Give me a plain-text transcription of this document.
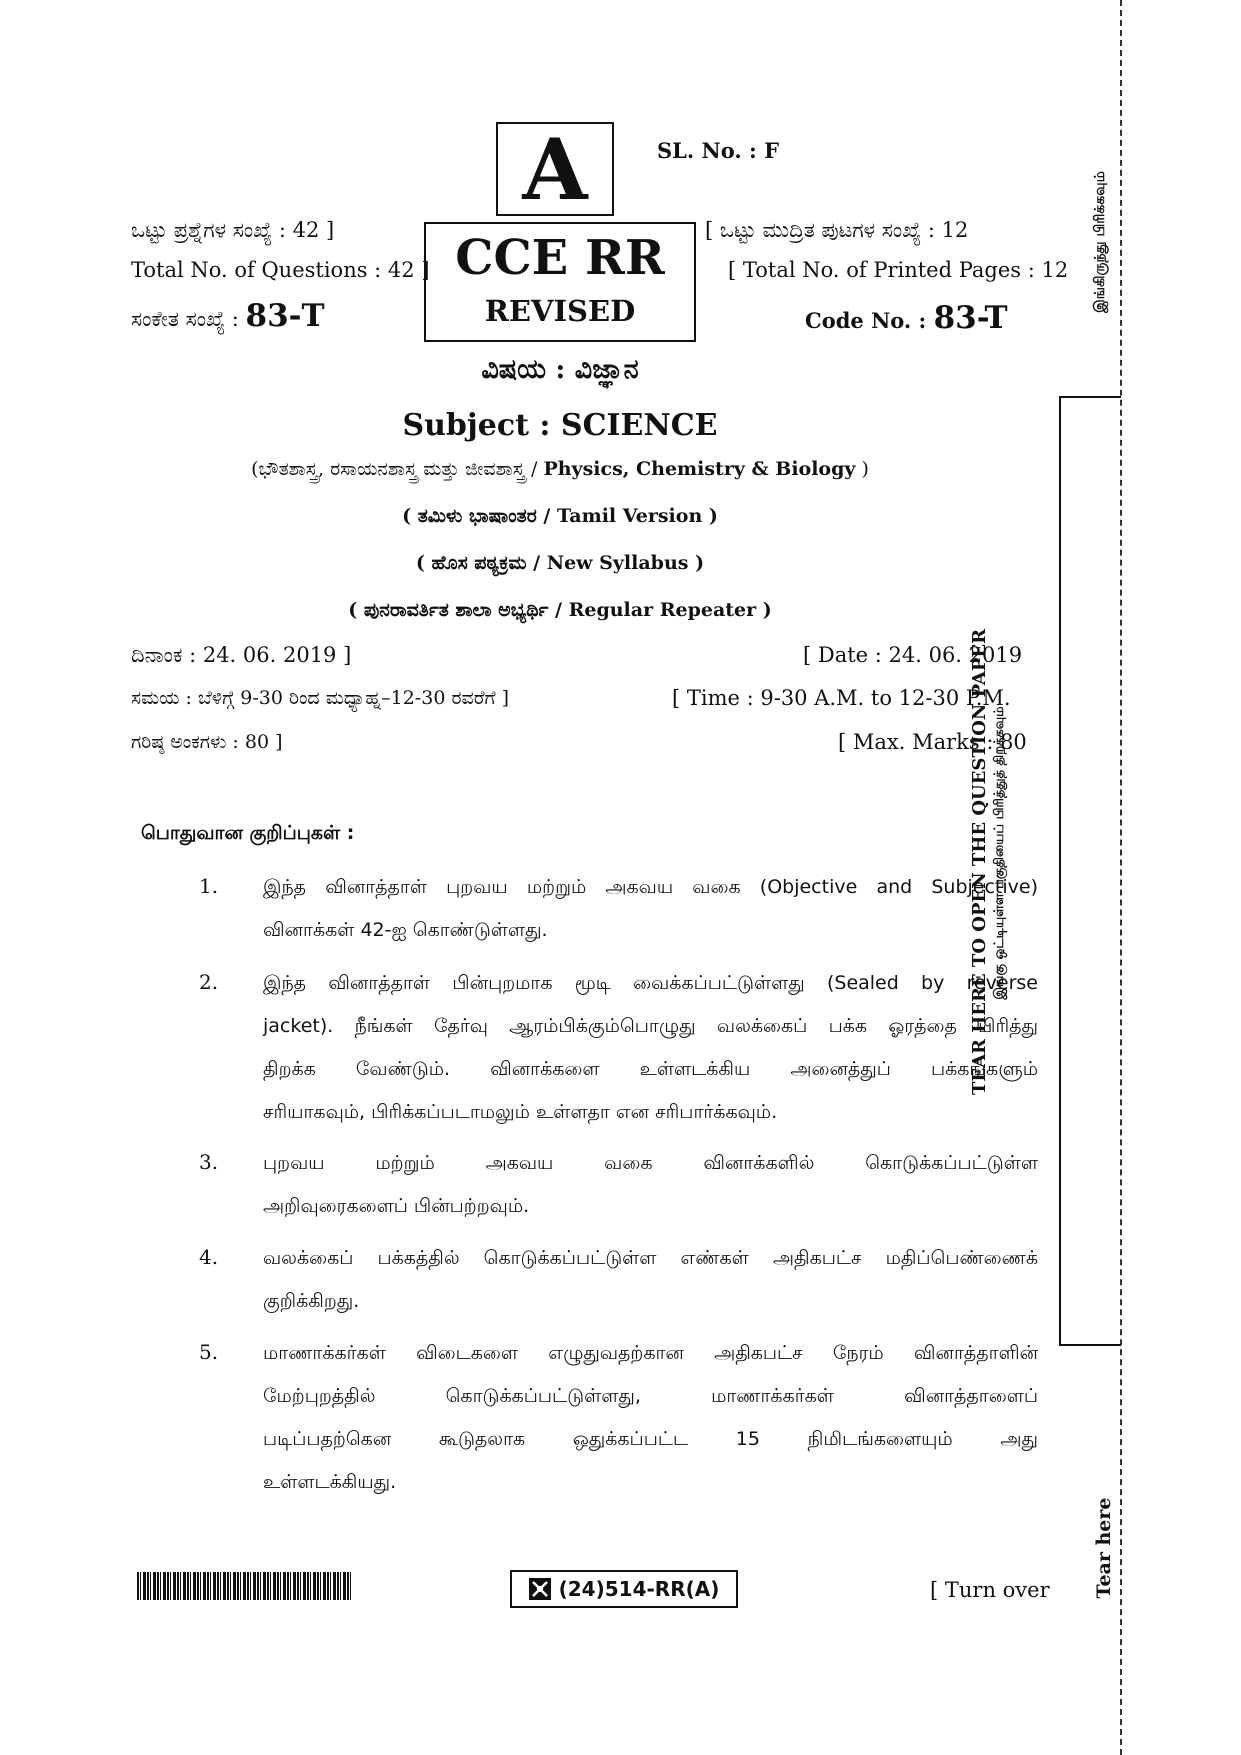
A	SL. No. : F
CCE RR
REVISED
ಒಟ್ಟು ಪ್ರಶ್ನೆಗಳ ಸಂಖ್ಯೆ : 42 ]
Total No. of Questions : 42 ]
ಸಂಕೇತ ಸಂಖ್ಯೆ : 83-T
[ ಒಟ್ಟು ಮುದ್ರಿತ ಪುಟಗಳ ಸಂಖ್ಯೆ : 12
[ Total No. of Printed Pages : 12
Code No. : 83-T
ವಿಷಯ : ವಿಜ್ಞಾನ
Subject : SCIENCE
(ಭೌತಶಾಸ್ತ್ರ, ರಸಾಯನಶಾಸ್ತ್ರ ಮತ್ತು ಜೀವಶಾಸ್ತ್ರ / Physics, Chemistry & Biology )
( ತಮಿಳು ಭಾಷಾಂತರ / Tamil Version )
( ಹೊಸ ಪಠ್ಯಕ್ರಮ / New Syllabus )
( ಪುನರಾವರ್ತಿತ ಶಾಲಾ ಅಭ್ಯರ್ಥಿ / Regular Repeater )
ದಿನಾಂಕ : 24. 06. 2019 ]	[ Date : 24. 06. 2019
ಸಮಯ : ಬೆಳಿಗ್ಗೆ 9-30 ರಿಂದ ಮಧ್ಯಾಹ್ನ–12-30 ರವರೆಗೆ ]	[ Time : 9-30 A.M. to 12-30 P.M.
ಗರಿಷ್ಠ ಅಂಕಗಳು : 80 ]	[ Max. Marks : 80
பொதுவான குறிப்புகள் :
1. இந்த வினாத்தாள் புறவய மற்றும் அகவய வகை (Objective and Subjective)
வினாக்கள் 42-ஐ கொண்டுள்ளது.
2. இந்த வினாத்தாள் பின்புறமாக மூடி வைக்கப்பட்டுள்ளது (Sealed by reverse
jacket). நீங்கள் தேர்வு ஆரம்பிக்கும்பொழுது வலக்கைப் பக்க ஓரத்தை பிரித்து
திறக்க வேண்டும். வினாக்களை உள்ளடக்கிய அனைத்துப் பக்கங்களும்
சரியாகவும், பிரிக்கப்படாமலும் உள்ளதா என சரிபார்க்கவும்.
3. புறவய மற்றும் அகவய வகை வினாக்களில் கொடுக்கப்பட்டுள்ள
அறிவுரைகளைப் பின்பற்றவும்.
4. வலக்கைப் பக்கத்தில் கொடுக்கப்பட்டுள்ள எண்கள் அதிகபட்ச மதிப்பெண்ணைக்
குறிக்கிறது.
5. மாணாக்கர்கள் விடைகளை எழுதுவதற்கான அதிகபட்ச நேரம் வினாத்தாளின்
மேற்புறத்தில் கொடுக்கப்பட்டுள்ளது, மாணாக்கர்கள் வினாத்தாளைப்
படிப்பதற்கென கூடுதலாக ஒதுக்கப்பட்ட 15 நிமிடங்களையும் அது
உள்ளடக்கியது.
(24)514-RR(A)	[ Turn over
இங்கிருந்து பிரிக்கவும்
TEAR HERE TO OPEN THE QUESTION PAPER இங்கு ஒட்டியுள்ள பகுதியைப் பிரித்துத் திறக்கவும்
Tear here
